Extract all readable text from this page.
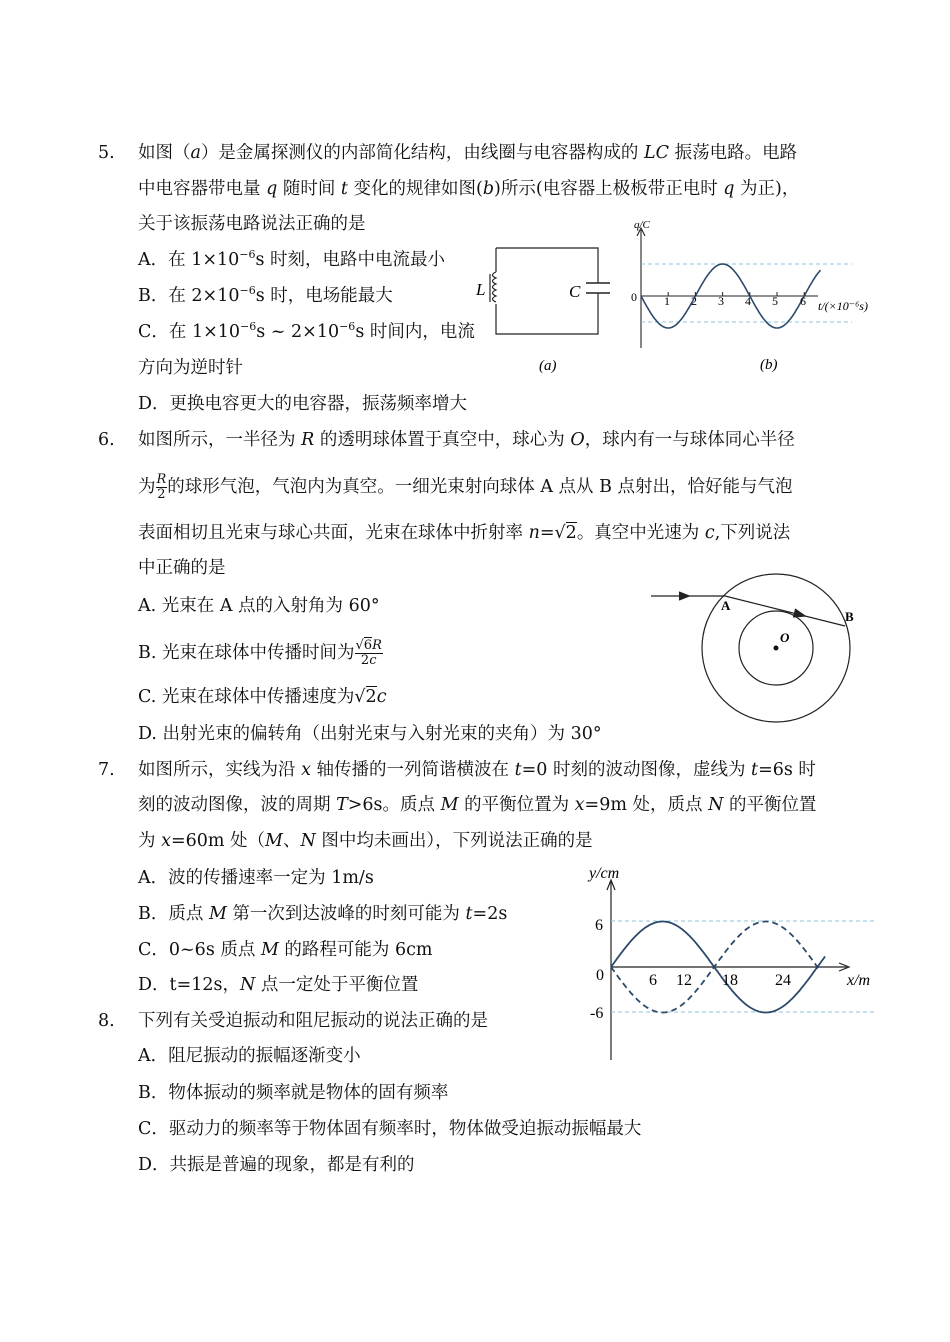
5. 如图（a）是金属探测仪的内部简化结构，由线圈与电容器构成的 LC 振荡电路。电路
中电容器带电量 q 随时间 t 变化的规律如图(b)所示(电容器上极板带正电时 q 为正)，
关于该振荡电路说法正确的是
A．在 $1\times 10^{-6}s$ 时刻，电路中电流最小
B．在 $2\times 10^{-6}s$ 时，电场能最大
C．在 $1\times 10^{-6}s$ ~ $2\times 10^{-6}s$ 时间内，电流
方向为逆时针
D．更换电容更大的电容器，振荡频率增大
L	C
(a)
q/C
0 1 2 3 4 5 6 t/(×10⁻⁶s)
(b)
6. 如图所示，一半径为 R 的透明球体置于真空中，球心为 O，球内有一与球体同心半径
为 $\frac{R}{2}$ 的球形气泡，气泡内为真空。一细光束射向球体 A 点从 B 点射出，恰好能与气泡
表面相切且光束与球心共面，光束在球体中折射率 n=√2。真空中光速为 c,下列说法
中正确的是
A. 光束在 A 点的入射角为 60°
B. 光束在球体中传播时间为 $\frac{√6R}{2c}$
C. 光束在球体中传播速度为√2c
D. 出射光束的偏转角（出射光束与入射光束的夹角）为 30°
A
B
O
7. 如图所示，实线为沿 x 轴传播的一列简谐横波在 t=0 时刻的波动图像，虚线为 t=6s 时
刻的波动图像，波的周期 T>6s。质点 M 的平衡位置为 x=9m 处，质点 N 的平衡位置
为 x=60m 处（M、N 图中均未画出），下列说法正确的是
A．波的传播速率一定为 1m/s
B．质点 M 第一次到达波峰的时刻可能为 t=2s
C．0~6s 质点 M 的路程可能为 6cm
D．t=12s，N 点一定处于平衡位置
y/cm
x/m
6
0
-6
6 12 18 24
8. 下列有关受迫振动和阻尼振动的说法正确的是
A．阻尼振动的振幅逐渐变小
B．物体振动的频率就是物体的固有频率
C．驱动力的频率等于物体固有频率时，物体做受迫振动振幅最大
D．共振是普遍的现象，都是有利的
